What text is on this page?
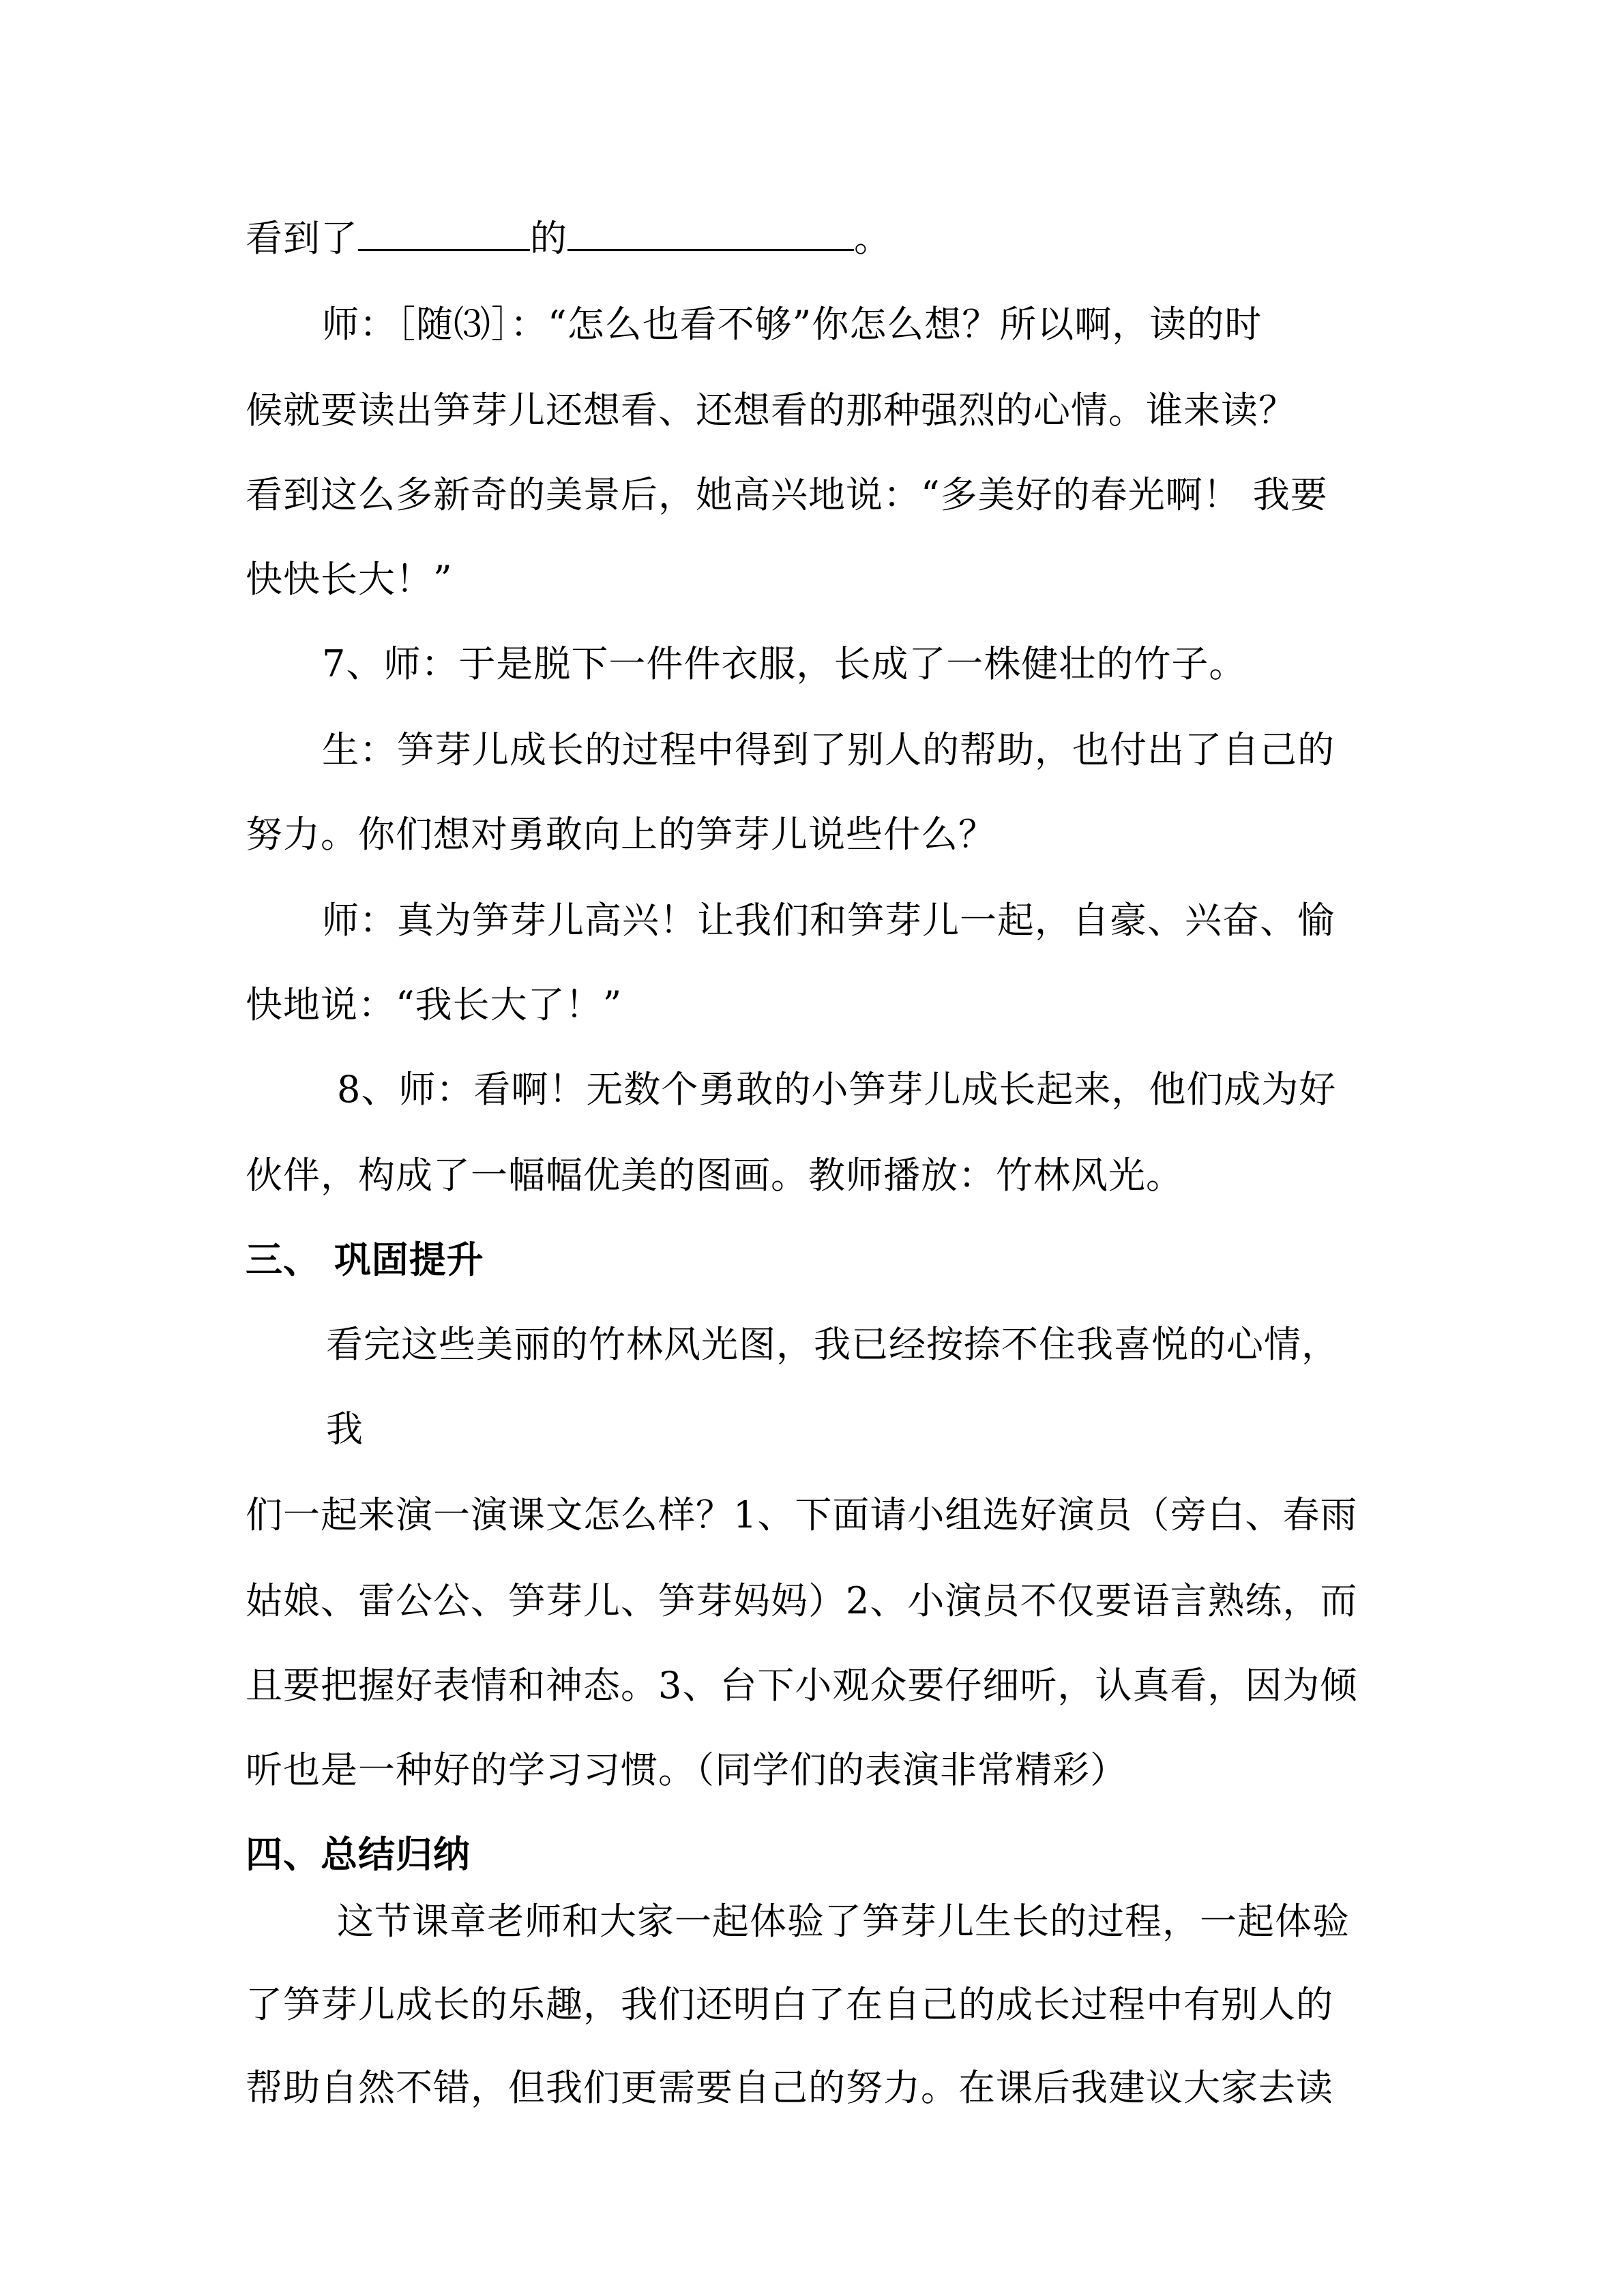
看到了	的	。
师：［随⑶］：“怎么也看不够”你怎么想？所以啊，读的时
候就要读出笋芽儿还想看、还想看的那种强烈的心情。谁来读？
看到这么多新奇的美景后，她高兴地说：“多美好的春光啊！ 我要
快快长大！”
7、师：于是脱下一件件衣服，长成了一株健壮的竹子。
生：笋芽儿成长的过程中得到了别人的帮助，也付出了自己的
努力。你们想对勇敢向上的笋芽儿说些什么？
师：真为笋芽儿高兴！让我们和笋芽儿一起，自豪、兴奋、愉
快地说：“我长大了！”
8、师：看啊！无数个勇敢的小笋芽儿成长起来，他们成为好
伙伴，构成了一幅幅优美的图画。教师播放：竹林风光。
三、 巩固提升
看完这些美丽的竹林风光图，我已经按捺不住我喜悦的心情，
我
们一起来演一演课文怎么样？1、下面请小组选好演员（旁白、春雨
姑娘、雷公公、笋芽儿、笋芽妈妈）2、小演员不仅要语言熟练，而
且要把握好表情和神态。3、台下小观众要仔细听，认真看，因为倾
听也是一种好的学习习惯。（同学们的表演非常精彩）
四、总结归纳
这节课章老师和大家一起体验了笋芽儿生长的过程，一起体验
了笋芽儿成长的乐趣，我们还明白了在自己的成长过程中有别人的
帮助自然不错，但我们更需要自己的努力。在课后我建议大家去读
